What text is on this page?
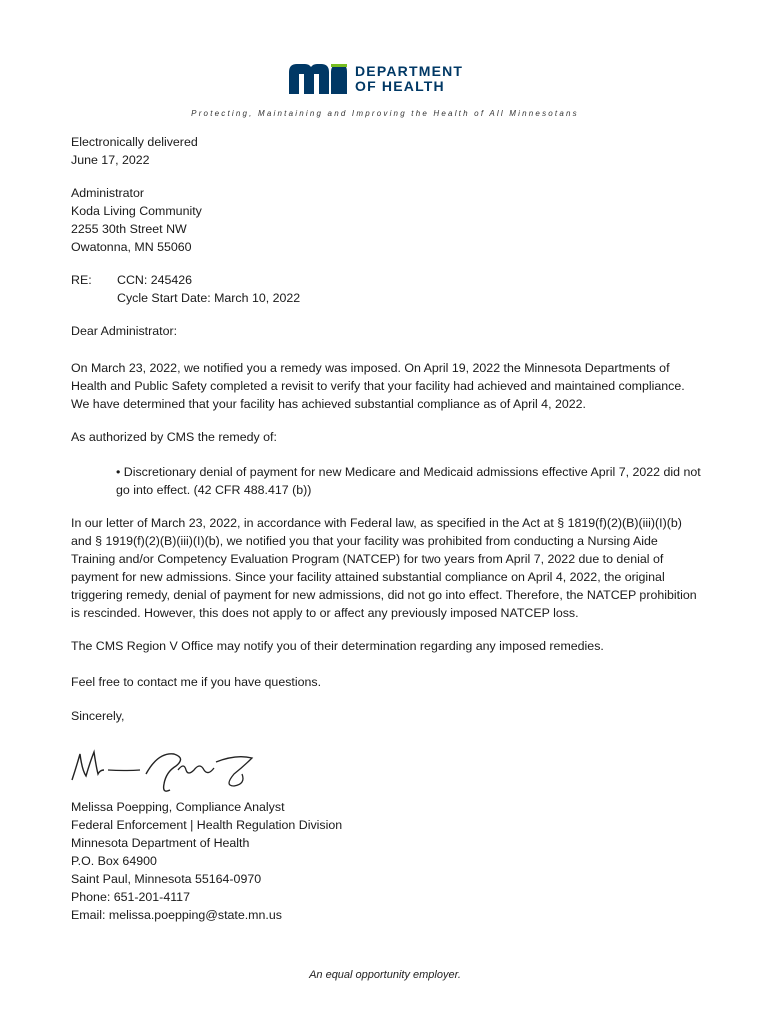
DEPARTMENT
OF HEALTH
Protecting, Maintaining and Improving the Health of All Minnesotans

Electronically delivered

June 17, 2022

Administrator

Koda Living Community

2255 30th Street NW

Owatonna, MN 55060

RE:	CCN: 245426

Cycle Start Date: March 10, 2022

Dear Administrator:

On March 23, 2022, we notified you a remedy was imposed. On April 19, 2022 the Minnesota Departments of Health and Public Safety completed a revisit to verify that your facility had achieved and maintained compliance. We have determined that your facility has achieved substantial compliance as of April 4, 2022.

As authorized by CMS the remedy of:

• Discretionary denial of payment for new Medicare and Medicaid admissions effective April 7, 2022 did not go into effect. (42 CFR 488.417 (b))

In our letter of March 23, 2022, in accordance with Federal law, as specified in the Act at § 1819(f)(2)(B)(iii)(I)(b) and § 1919(f)(2)(B)(iii)(I)(b), we notified you that your facility was prohibited from conducting a Nursing Aide Training and/or Competency Evaluation Program (NATCEP) for two years from April 7, 2022 due to denial of payment for new admissions. Since your facility attained substantial compliance on April 4, 2022, the original triggering remedy, denial of payment for new admissions, did not go into effect. Therefore, the NATCEP prohibition is rescinded. However, this does not apply to or affect any previously imposed NATCEP loss.

The CMS Region V Office may notify you of their determination regarding any imposed remedies.

Feel free to contact me if you have questions.

Sincerely,

Melissa Poepping, Compliance Analyst

Federal Enforcement | Health Regulation Division

Minnesota Department of Health

P.O. Box 64900

Saint Paul, Minnesota 55164-0970

Phone: 651-201-4117

Email: melissa.poepping@state.mn.us

An equal opportunity employer.
